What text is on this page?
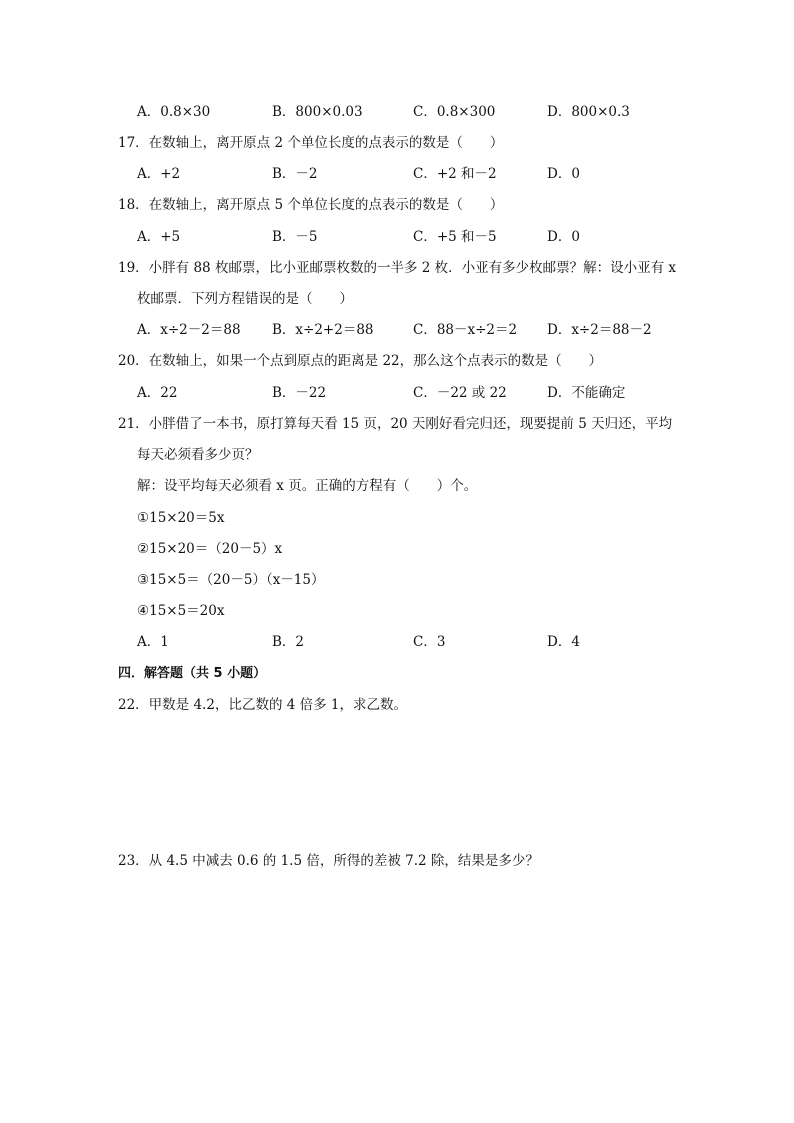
A．0.8×30	B．800×0.03	C．0.8×300	D．800×0.3
17．在数轴上，离开原点 2 个单位长度的点表示的数是（　　）
A．+2	B．－2	C．+2 和－2	D．0
18．在数轴上，离开原点 5 个单位长度的点表示的数是（　　）
A．+5	B．－5	C．+5 和－5	D．0
19．小胖有 88 枚邮票，比小亚邮票枚数的一半多 2 枚．小亚有多少枚邮票？解：设小亚有 x
枚邮票．下列方程错误的是（　　）
A．x÷2－2＝88 B．x÷2+2＝88	C．88－x÷2＝2 D．x÷2＝88－2
20．在数轴上，如果一个点到原点的距离是 22，那么这个点表示的数是（　　）
A．22	B．－22	C．－22 或 22	D．不能确定
21．小胖借了一本书，原打算每天看 15 页，20 天刚好看完归还，现要提前 5 天归还，平均
每天必须看多少页？
解：设平均每天必须看 x 页。正确的方程有（　　）个。
①15×20＝5x
②15×20＝（20－5）x
③15×5＝（20－5）（x－15）
④15×5＝20x
A．1	B．2	C．3	D．4
四．解答题（共 5 小题）
22．甲数是 4.2，比乙数的 4 倍多 1，求乙数。
23．从 4.5 中减去 0.6 的 1.5 倍，所得的差被 7.2 除，结果是多少？
